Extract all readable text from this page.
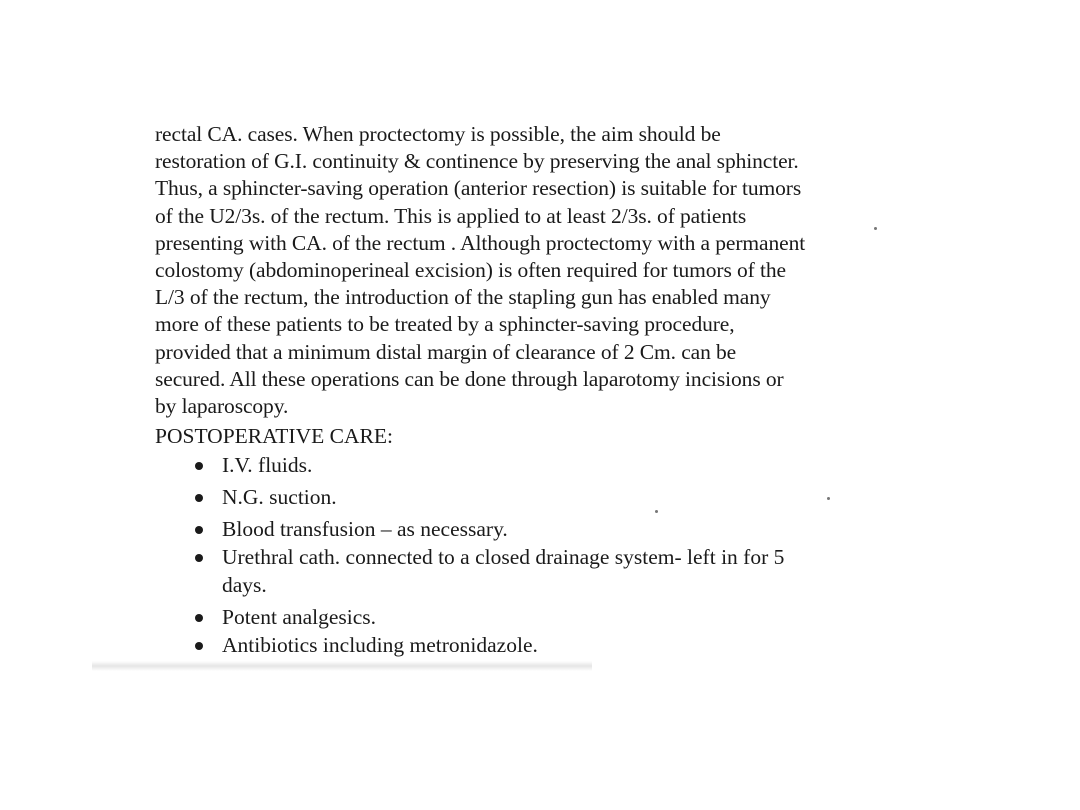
rectal CA. cases. When proctectomy is possible, the aim should be
restoration of G.I. continuity & continence by preserving the anal sphincter.
Thus, a sphincter-saving operation (anterior resection) is suitable for tumors
of the U2/3s. of the rectum. This is applied to at least 2/3s. of patients
presenting with CA. of the rectum . Although proctectomy with a permanent
colostomy (abdominoperineal excision) is often required for tumors of the
L/3 of the rectum, the introduction of the stapling gun has enabled many
more of these patients to be treated by a sphincter-saving procedure,
provided that a minimum distal margin of clearance of 2 Cm. can be
secured. All these operations can be done through laparotomy incisions or
by laparoscopy.
POSTOPERATIVE CARE:
I.V. fluids.
N.G. suction.
Blood transfusion – as necessary.
Urethral cath. connected to a closed drainage system- left in for 5
days.
Potent analgesics.
Antibiotics including metronidazole.
